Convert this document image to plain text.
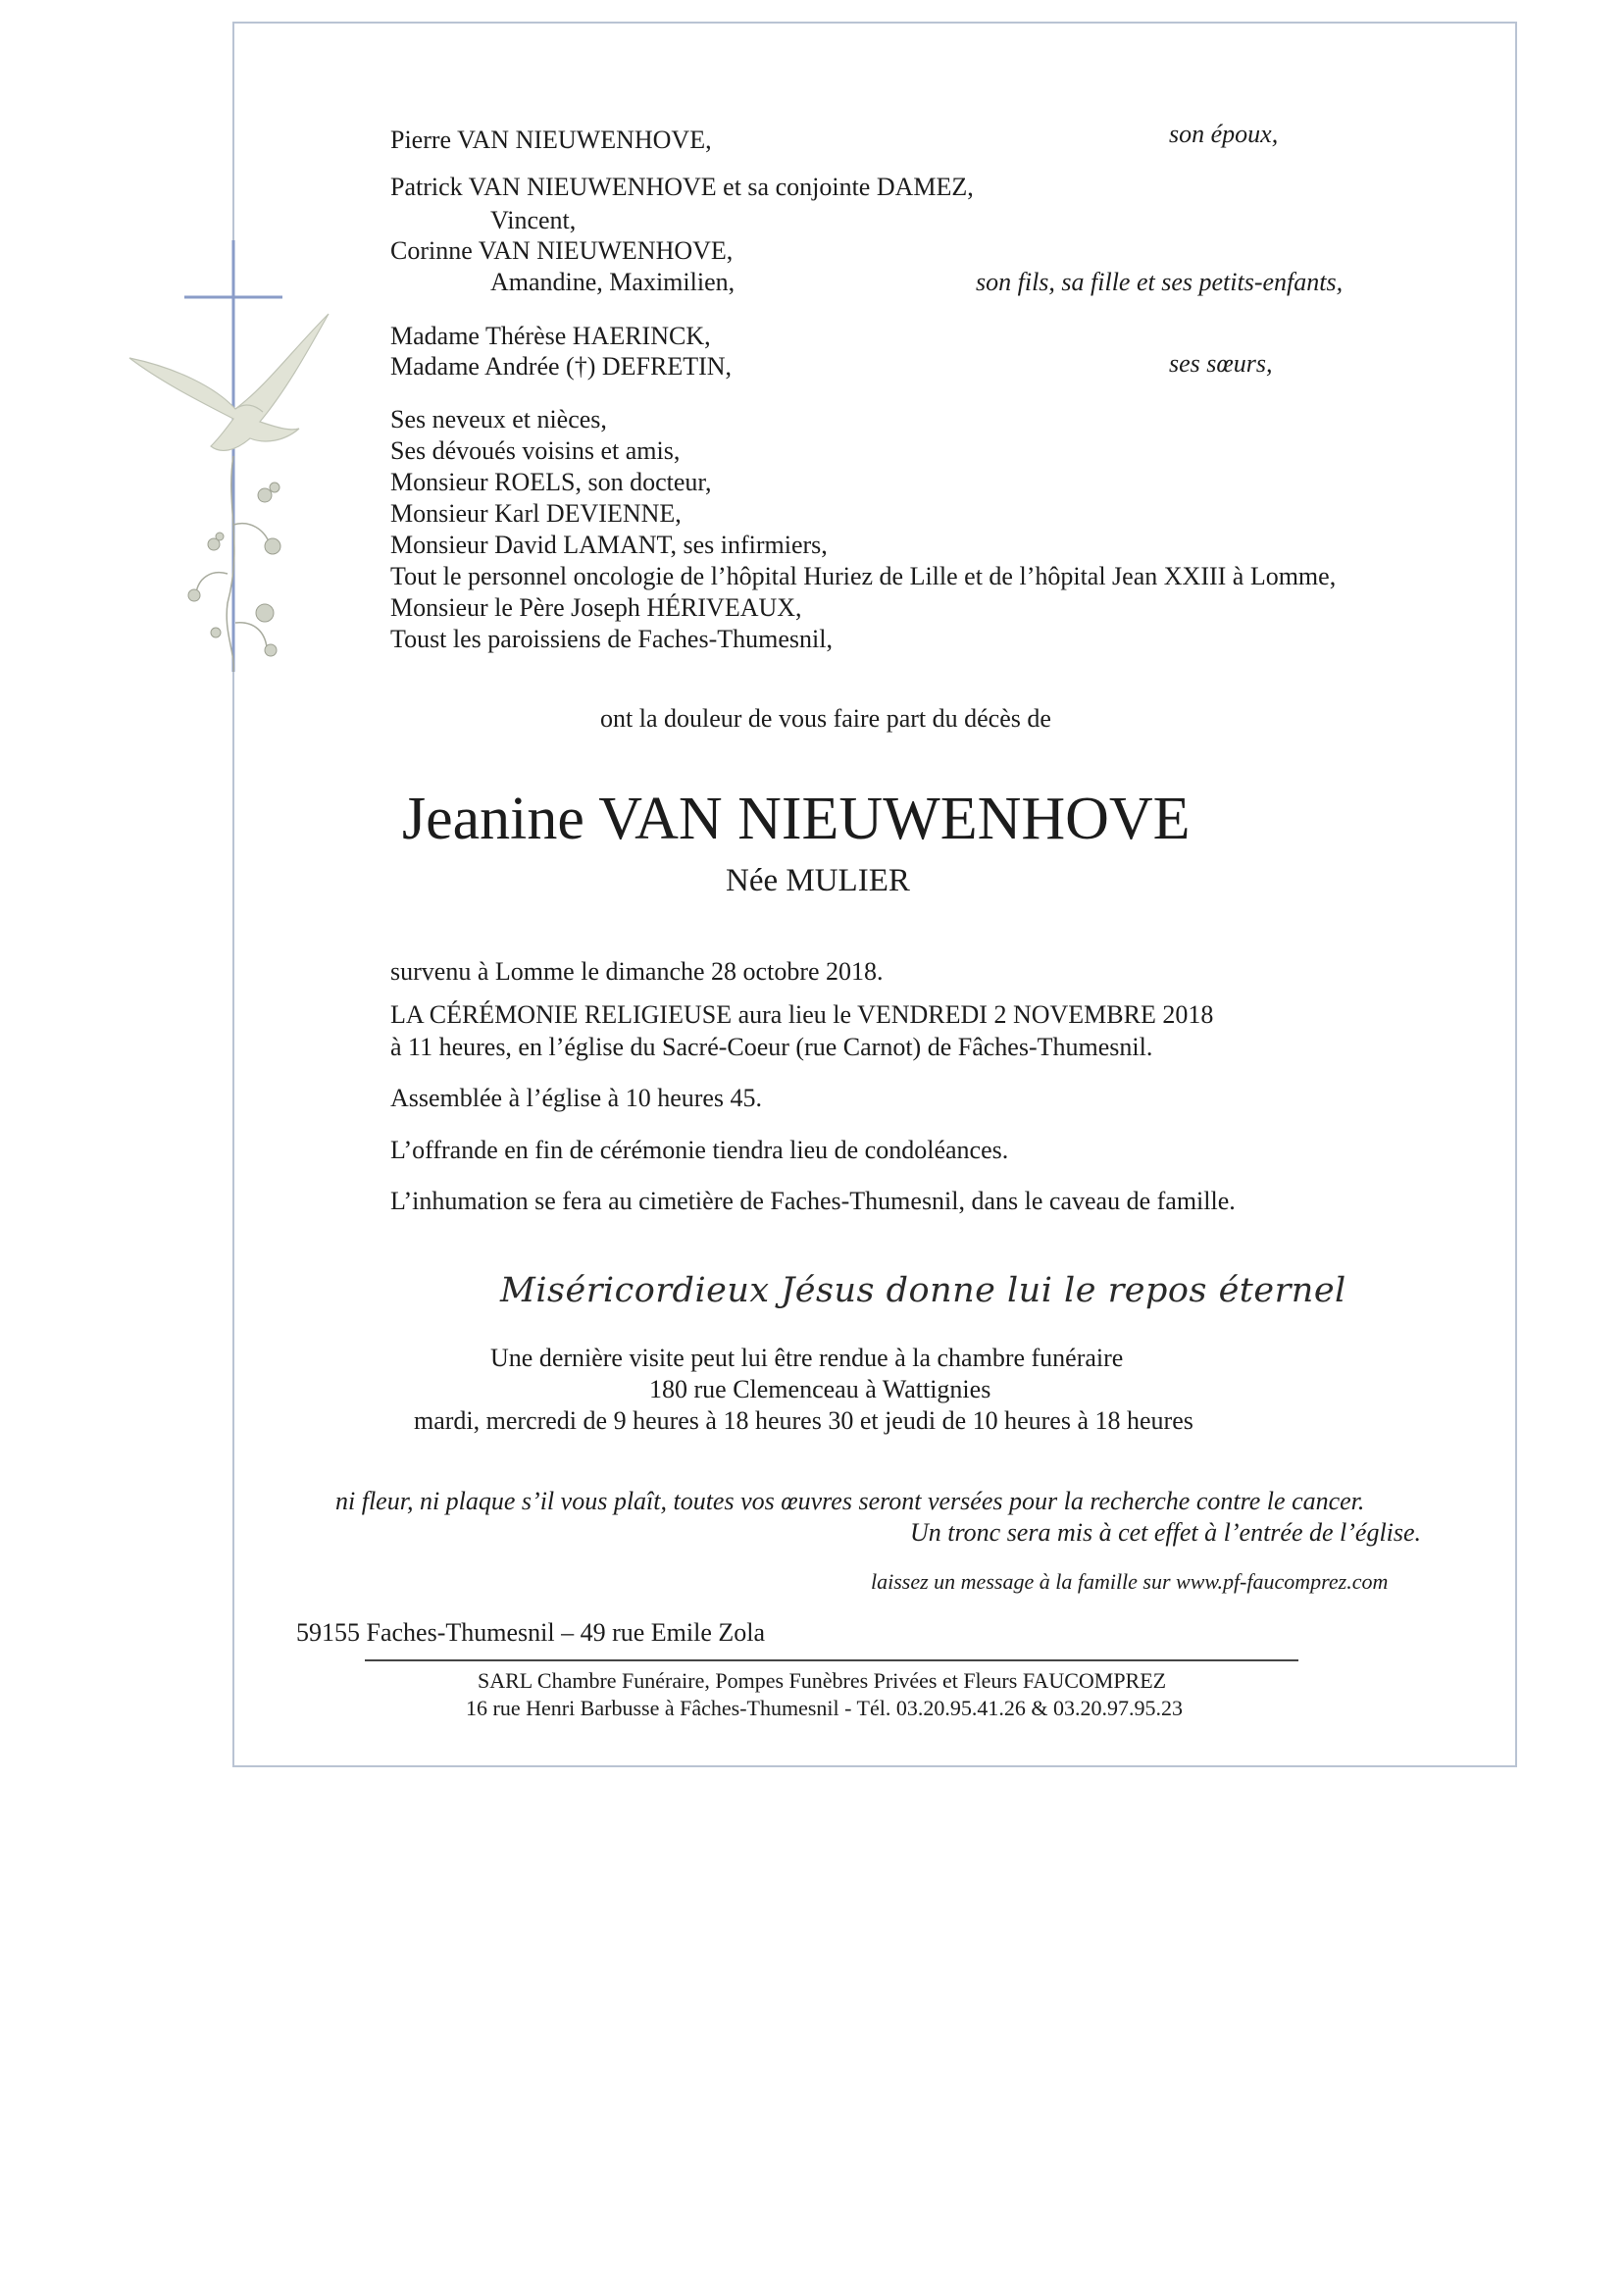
Pierre VAN NIEUWENHOVE,	son époux,
Patrick VAN NIEUWENHOVE et sa conjointe DAMEZ,
Vincent,
Corinne VAN NIEUWENHOVE,
Amandine, Maximilien,	son fils, sa fille et ses petits-enfants,
Madame Thérèse HAERINCK,
Madame Andrée (†) DEFRETIN,	ses sœurs,
Ses neveux et nièces,
Ses dévoués voisins et amis,
Monsieur ROELS, son docteur,
Monsieur Karl DEVIENNE,
Monsieur David LAMANT, ses infirmiers,
Tout le personnel oncologie de l’hôpital Huriez de Lille et de l’hôpital Jean XXIII à Lomme,
Monsieur le Père Joseph HÉRIVEAUX,
Toust les paroissiens de Faches-Thumesnil,
ont la douleur de vous faire part du décès de
Jeanine VAN NIEUWENHOVE
Née MULIER
survenu à Lomme le dimanche 28 octobre 2018.
LA CÉRÉMONIE RELIGIEUSE aura lieu le VENDREDI 2 NOVEMBRE 2018
à 11 heures, en l’église du Sacré-Coeur (rue Carnot) de Fâches-Thumesnil.
Assemblée à l’église à 10 heures 45.
L’offrande en fin de cérémonie tiendra lieu de condoléances.
L’inhumation se fera au cimetière de Faches-Thumesnil, dans le caveau de famille.
Miséricordieux Jésus donne lui le repos éternel
Une dernière visite peut lui être rendue à la chambre funéraire
180 rue Clemenceau à Wattignies
mardi, mercredi de 9 heures à 18 heures 30 et jeudi de 10 heures à 18 heures
ni fleur, ni plaque s’il vous plaît, toutes vos œuvres seront versées pour la recherche contre le cancer.
Un tronc sera mis à cet effet à l’entrée de l’église.
laissez un message à la famille sur www.pf-faucomprez.com
59155 Faches-Thumesnil – 49 rue Emile Zola
SARL Chambre Funéraire, Pompes Funèbres Privées et Fleurs FAUCOMPREZ
16 rue Henri Barbusse à Fâches-Thumesnil - Tél. 03.20.95.41.26 & 03.20.97.95.23
